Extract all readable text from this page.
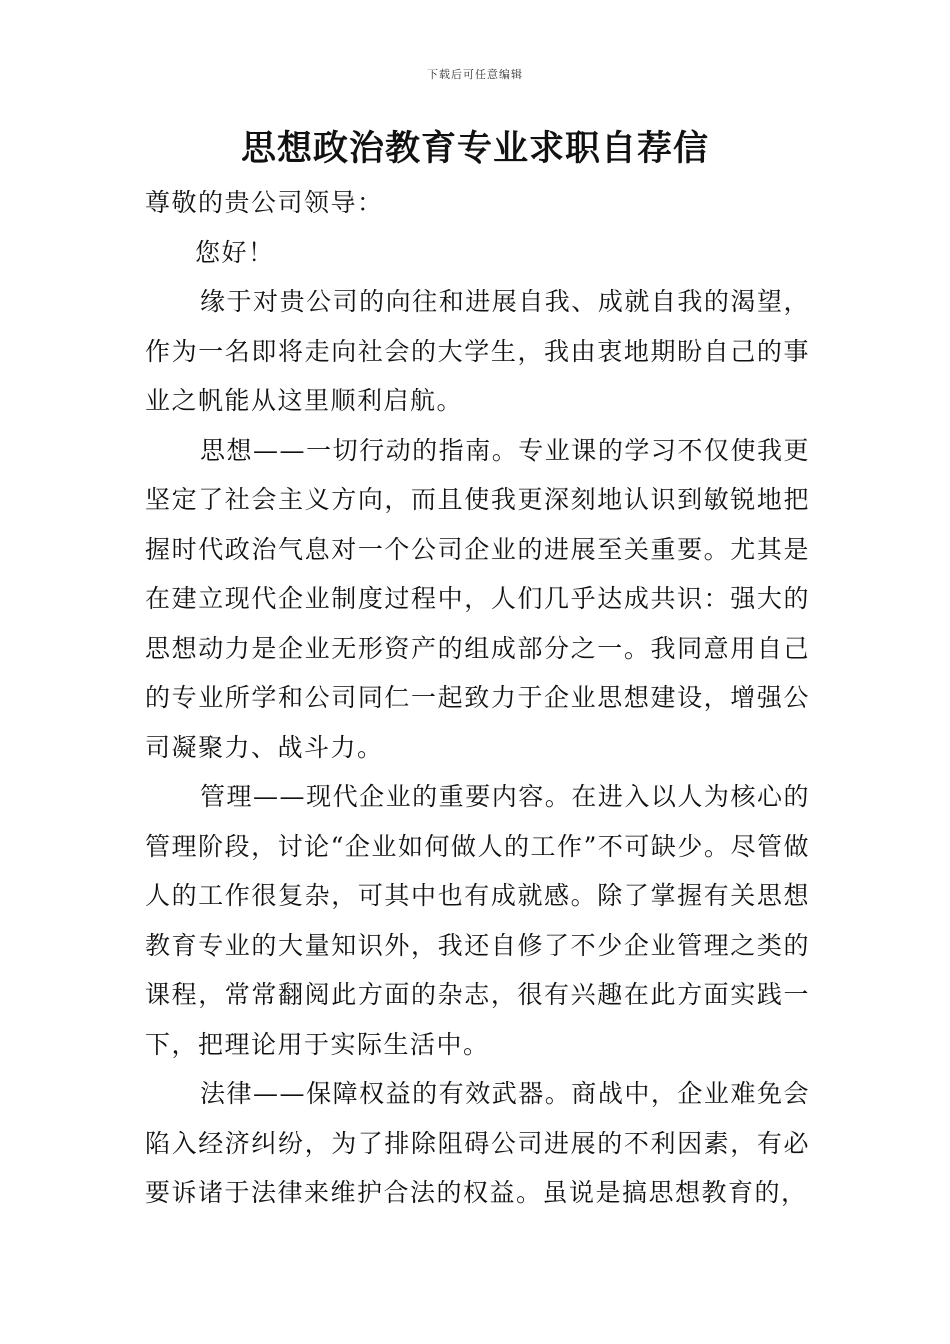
下载后可任意编辑
思想政治教育专业求职自荐信

尊敬的贵公司领导：

您好！

缘于对贵公司的向往和进展自我、成就自我的渴望，作为一名即将走向社会的大学生，我由衷地期盼自己的事业之帆能从这里顺利启航。

思想——一切行动的指南。专业课的学习不仅使我更坚定了社会主义方向，而且使我更深刻地认识到敏锐地把握时代政治气息对一个公司企业的进展至关重要。尤其是在建立现代企业制度过程中，人们几乎达成共识：强大的思想动力是企业无形资产的组成部分之一。我同意用自己的专业所学和公司同仁一起致力于企业思想建设，增强公司凝聚力、战斗力。

管理——现代企业的重要内容。在进入以人为核心的管理阶段，讨论“企业如何做人的工作”不可缺少。尽管做人的工作很复杂，可其中也有成就感。除了掌握有关思想教育专业的大量知识外，我还自修了不少企业管理之类的课程，常常翻阅此方面的杂志，很有兴趣在此方面实践一下，把理论用于实际生活中。

法律——保障权益的有效武器。商战中，企业难免会陷入经济纠纷，为了排除阻碍公司进展的不利因素，有必要诉诸于法律来维护合法的权益。虽说是搞思想教育的，
